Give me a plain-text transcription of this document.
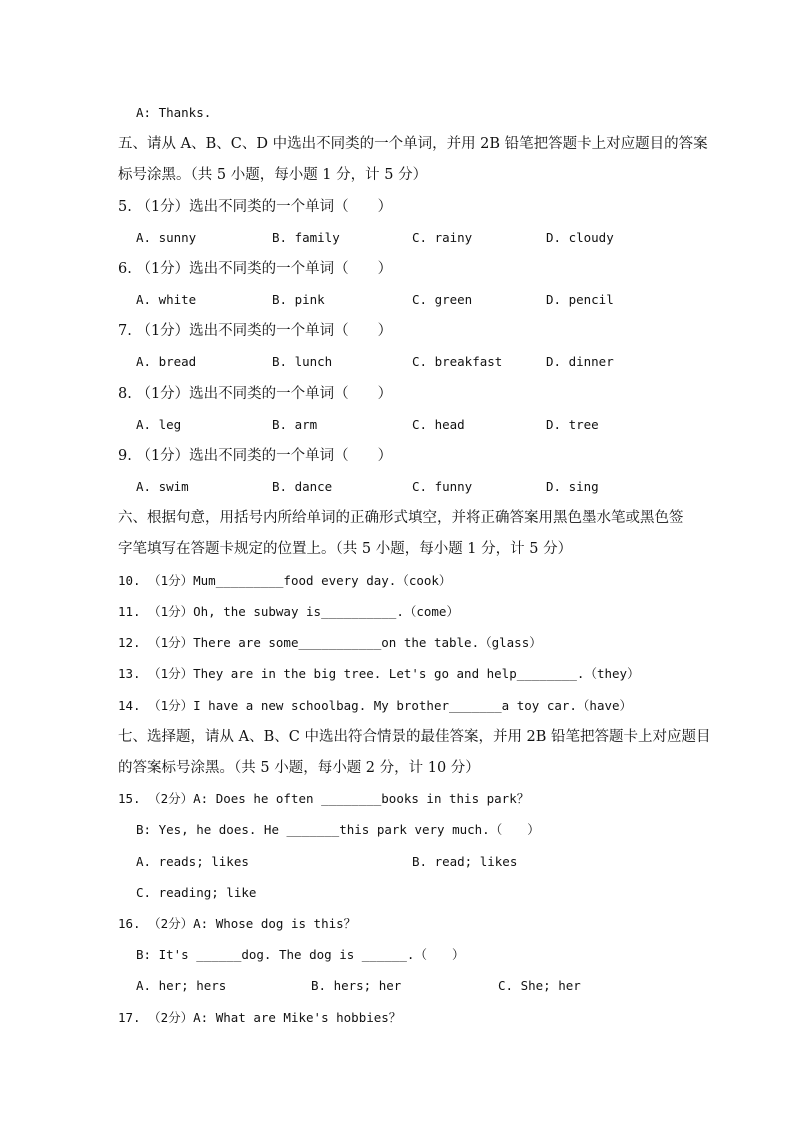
A: Thanks.
五、请从 A、B、C、D 中选出不同类的一个单词，并用 2B 铅笔把答题卡上对应题目的答案
标号涂黑。（共 5 小题，每小题 1 分，计 5 分）
5. （1分）选出不同类的一个单词（　　）
A. sunny	B. family	C. rainy	D. cloudy
6. （1分）选出不同类的一个单词（　　）
A. white	B. pink	C. green	D. pencil
7. （1分）选出不同类的一个单词（　　）
A. bread	B. lunch	C. breakfast	D. dinner
8. （1分）选出不同类的一个单词（　　）
A. leg	B. arm	C. head	D. tree
9. （1分）选出不同类的一个单词（　　）
A. swim	B. dance	C. funny	D. sing
六、根据句意，用括号内所给单词的正确形式填空，并将正确答案用黑色墨水笔或黑色签
字笔填写在答题卡规定的位置上。（共 5 小题，每小题 1 分，计 5 分）
10. （1分）Mum_________food every day.（cook）
11. （1分）Oh, the subway is__________.（come）
12. （1分）There are some___________on the table.（glass）
13. （1分）They are in the big tree. Let's go and help________.（they）
14. （1分）I have a new schoolbag. My brother_______a toy car.（have）
七、选择题，请从 A、B、C 中选出符合情景的最佳答案，并用 2B 铅笔把答题卡上对应题目
的答案标号涂黑。（共 5 小题，每小题 2 分，计 10 分）
15. （2分）A: Does he often ________books in this park？
B: Yes, he does. He _______this park very much.（　　）
A. reads; likes	B. read; likes
C. reading; like
16. （2分）A: Whose dog is this？
B: It's ______dog. The dog is ______.（　　）
A. her; hers	B. hers; her	C. She; her
17. （2分）A: What are Mike's hobbies？
